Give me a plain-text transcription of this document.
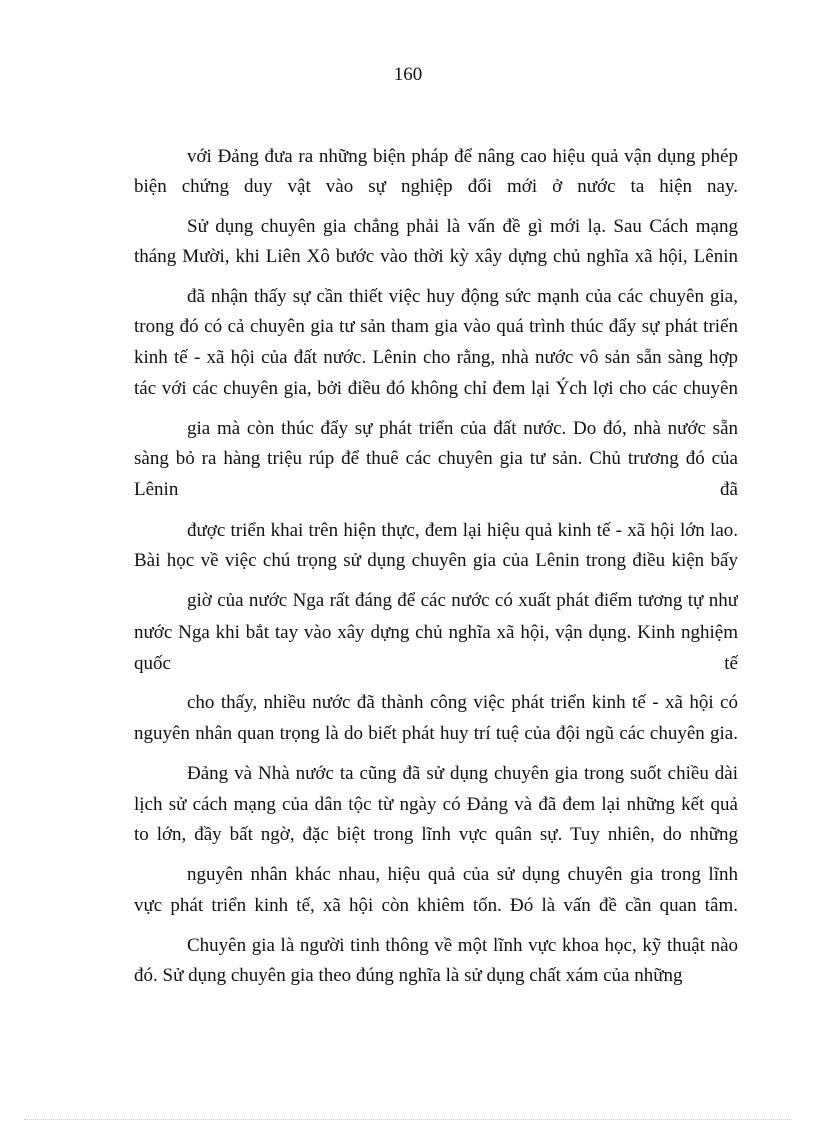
160
với Đảng đưa ra những biện pháp để nâng cao hiệu quả vận dụng phép
biện chứng duy vật vào sự nghiệp đổi mới ở nước ta hiện nay.
Sử dụng chuyên gia chẳng phải là vấn đề gì mới lạ. Sau Cách mạng
tháng Mười, khi Liên Xô bước vào thời kỳ xây dựng chủ nghĩa xã hội, Lênin
đã nhận thấy sự cần thiết việc huy động sức mạnh của các chuyên gia,
trong đó có cả chuyên gia tư sản tham gia vào quá trình thúc đẩy sự phát triển
kinh tế - xã hội của đất nước. Lênin cho rằng, nhà nước vô sản sẵn sàng hợp
tác với các chuyên gia, bởi điều đó không chỉ đem lại Ých lợi cho các chuyên
gia mà còn thúc đẩy sự phát triển của đất nước. Do đó, nhà nước sẵn
sàng bỏ ra hàng triệu rúp để thuê các chuyên gia tư sản. Chủ trương đó của
Lênin đã
được triển khai trên hiện thực, đem lại hiệu quả kinh tế - xã hội lớn lao.
Bài học về việc chú trọng sử dụng chuyên gia của Lênin trong điều kiện bấy
giờ của nước Nga rất đáng để các nước có xuất phát điểm tương tự như
nước Nga khi bắt tay vào xây dựng chủ nghĩa xã hội, vận dụng. Kinh nghiệm
quốc tế
cho thấy, nhiều nước đã thành công việc phát triển kinh tế - xã hội có
nguyên nhân quan trọng là do biết phát huy trí tuệ của đội ngũ các chuyên gia.
Đảng và Nhà nước ta cũng đã sử dụng chuyên gia trong suốt chiều dài
lịch sử cách mạng của dân tộc từ ngày có Đảng và đã đem lại những kết quả
to lớn, đầy bất ngờ, đặc biệt trong lĩnh vực quân sự. Tuy nhiên, do những
nguyên nhân khác nhau, hiệu quả của sử dụng chuyên gia trong lĩnh
vực phát triển kinh tế, xã hội còn khiêm tốn. Đó là vấn đề cần quan tâm.
Chuyên gia là người tinh thông về một lĩnh vực khoa học, kỹ thuật nào
đó. Sử dụng chuyên gia theo đúng nghĩa là sử dụng chất xám của những
